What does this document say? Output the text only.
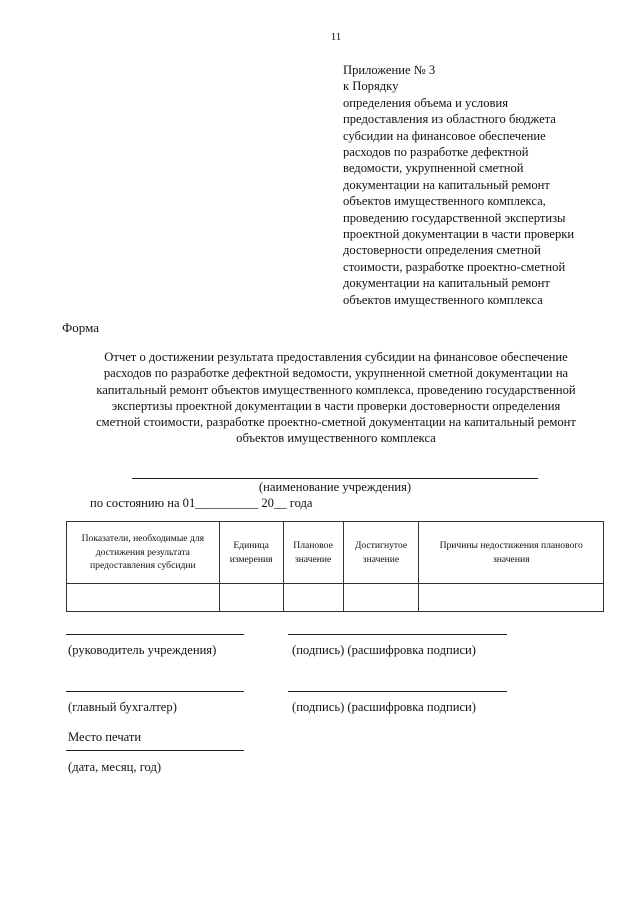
11
Приложение № 3
к Порядку
определения объема и условия
предоставления из областного бюджета
субсидии на финансовое обеспечение
расходов по разработке дефектной
ведомости, укрупненной сметной
документации на капитальный ремонт
объектов имущественного комплекса,
проведению государственной экспертизы
проектной документации в части проверки
достоверности определения сметной
стоимости, разработке проектно-сметной
документации на капитальный ремонт
объектов имущественного комплекса
Форма
Отчет о достижении результата предоставления субсидии на финансовое обеспечение
расходов по разработке дефектной ведомости, укрупненной сметной документации на
капитальный ремонт объектов имущественного комплекса, проведению государственной
экспертизы проектной документации в части проверки достоверности определения
сметной стоимости, разработке проектно-сметной документации на капитальный ремонт
объектов имущественного комплекса
(наименование учреждения)
по состоянию на 01__________ 20__ года
Показатели, необходимые для достижения результата предоставления субсидии	Единица измерения	Плановое значение	Достигнутое значение	Причины недостижения планового значения

(руководитель учреждения)	(подпись) (расшифровка подписи)
(главный бухгалтер)	(подпись) (расшифровка подписи)
Место печати
(дата, месяц, год)
